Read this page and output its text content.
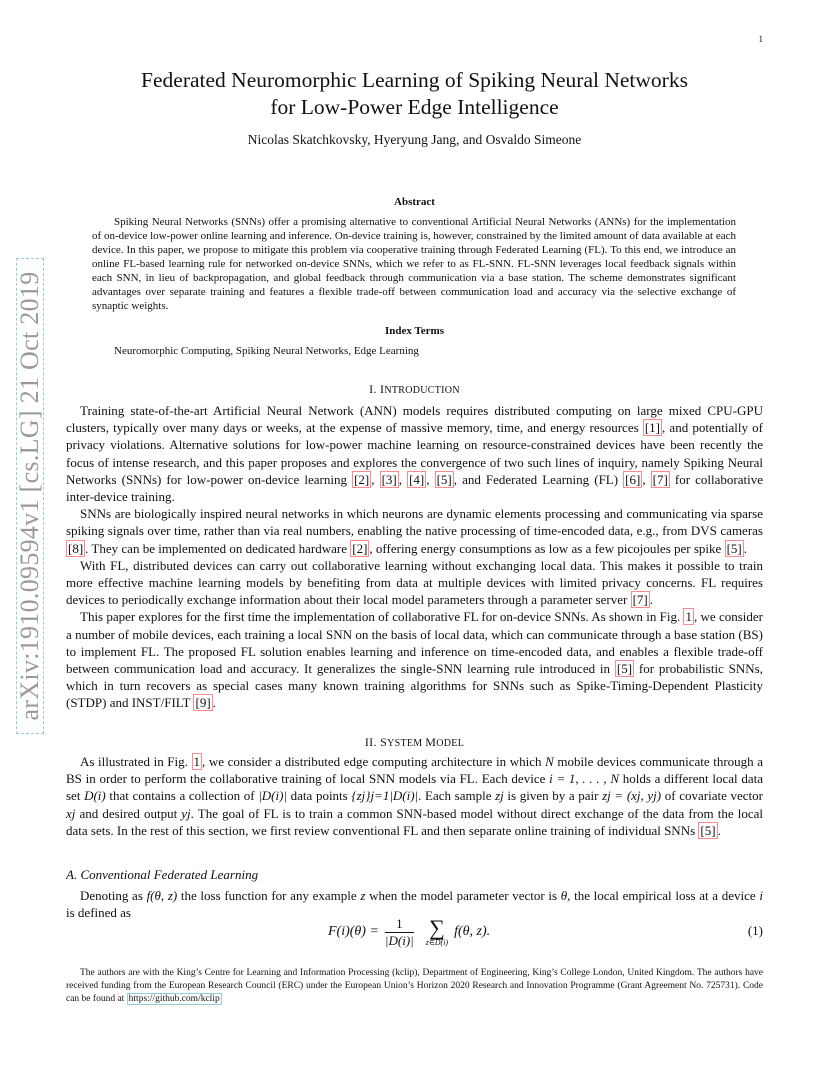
1
arXiv:1910.09594v1 [cs.LG] 21 Oct 2019
Federated Neuromorphic Learning of Spiking Neural Networks
for Low-Power Edge Intelligence
Nicolas Skatchkovsky, Hyeryung Jang, and Osvaldo Simeone
Abstract
Spiking Neural Networks (SNNs) offer a promising alternative to conventional Artificial Neural Networks (ANNs) for the implementation of on-device low-power online learning and inference. On-device training is, however, constrained by the limited amount of data available at each device. In this paper, we propose to mitigate this problem via cooperative training through Federated Learning (FL). To this end, we introduce an online FL-based learning rule for networked on-device SNNs, which we refer to as FL-SNN. FL-SNN leverages local feedback signals within each SNN, in lieu of backpropagation, and global feedback through communication via a base station. The scheme demonstrates significant advantages over separate training and features a flexible trade-off between communication load and accuracy via the selective exchange of synaptic weights.
Index Terms
Neuromorphic Computing, Spiking Neural Networks, Edge Learning
I. INTRODUCTION

Training state-of-the-art Artificial Neural Network (ANN) models requires distributed computing on large mixed CPU-GPU clusters, typically over many days or weeks, at the expense of massive memory, time, and energy resources [1] , and potentially of privacy violations. Alternative solutions for low-power machine learning on resource-constrained devices have been recently the focus of intense research, and this paper proposes and explores the convergence of two such lines of inquiry, namely Spiking Neural Networks (SNNs) for low-power on-device learning [2] , [3] , [4] , [5] , and Federated Learning (FL) [6] , [7] for collaborative inter-device training.

SNNs are biologically inspired neural networks in which neurons are dynamic elements processing and communicating via sparse spiking signals over time, rather than via real numbers, enabling the native processing of time-encoded data, e.g., from DVS cameras [8] . They can be implemented on dedicated hardware [2] , offering energy consumptions as low as a few picojoules per spike [5] .

With FL, distributed devices can carry out collaborative learning without exchanging local data. This makes it possible to train more effective machine learning models by benefiting from data at multiple devices with limited privacy concerns. FL requires devices to periodically exchange information about their local model parameters through a parameter server [7] .

This paper explores for the first time the implementation of collaborative FL for on-device SNNs. As shown in Fig. 1 , we consider a number of mobile devices, each training a local SNN on the basis of local data, which can communicate through a base station (BS) to implement FL. The proposed FL solution enables learning and inference on time-encoded data, and enables a flexible trade-off between communication load and accuracy. It generalizes the single-SNN learning rule introduced in [5] for probabilistic SNNs, which in turn recovers as special cases many known training algorithms for SNNs such as Spike-Timing-Dependent Plasticity (STDP) and INST/FILT [9] .

II. SYSTEM MODEL

As illustrated in Fig. 1 , we consider a distributed edge computing architecture in which N mobile devices communicate through a BS in order to perform the collaborative training of local SNN models via FL. Each device i = 1, . . . , N holds a different local data set D(i) that contains a collection of |D(i)| data points {zj}j=1|D(i)|. Each sample zj is given by a pair zj = (xj, yj) of covariate vector xj and desired output yj. The goal of FL is to train a common SNN-based model without direct exchange of the data from the local data sets. In the rest of this section, we first review conventional FL and then separate online training of individual SNNs [5] .

A. Conventional Federated Learning

Denoting as f(θ, z) the loss function for any example z when the model parameter vector is θ, the local empirical loss at a device i is defined as

$F(i)(\theta) = \frac{1}{|D(i)|}$ ∑
z∈D(i)
f(θ, z).	(1)
The authors are with the King’s Centre for Learning and Information Processing (kclip), Department of Engineering, King’s College London, United Kingdom. The authors have received funding from the European Research Council (ERC) under the European Union’s Horizon 2020 Research and Innovation Programme (Grant Agreement No. 725731). Code can be found at https://github.com/kclip
